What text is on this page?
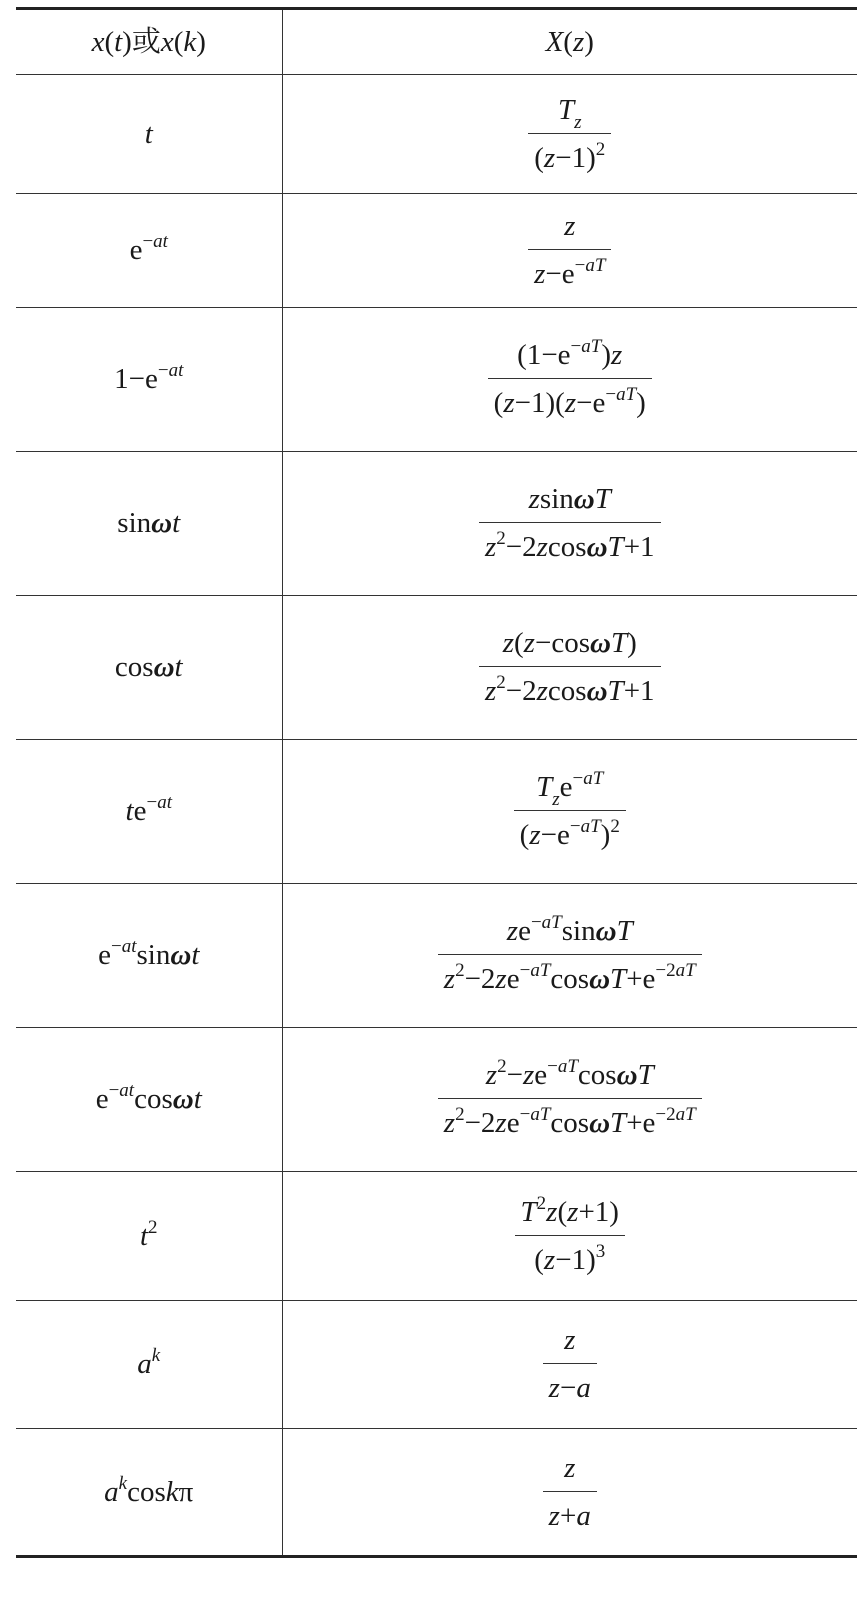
x(t)或x(k)	X(z)
t	$\frac{T_z}{(z-1)^2}$

$e^{-at}$	$\frac{z}{z-e^{-aT}}$

$1-e^{-at}$	$\frac{(1-e^{-aT})z}{(z-1)(z-e^{-aT})}$

sinωt	$\frac{zsin\omega T}{z^2-2zcos\omega T+1}$

cosωt	$\frac{z(z-\cos\omega T)}{z^2-2zcos\omega T+1}$

$te^{-at}$	$\frac{T_ze^{-aT}}{(z-e^{-aT})^2}$

$e^{-at}\sin\omega t$	$\frac{ze^{-aT}\sin\omega T}{z^2-2ze^{-aT}\cos\omega T+e^{-2aT}}$

$e^{-at}\cos\omega t$	$\frac{z^2-ze^{-aT}\cos\omega T}{z^2-2ze^{-aT}\cos\omega T+e^{-2aT}}$

$t^2$	$\frac{T^2z(z+1)}{(z-1)^3}$

$a^k$	$\frac{z}{z-a}$

$a^k\cos k\pi$	$\frac{z}{z+a}$
